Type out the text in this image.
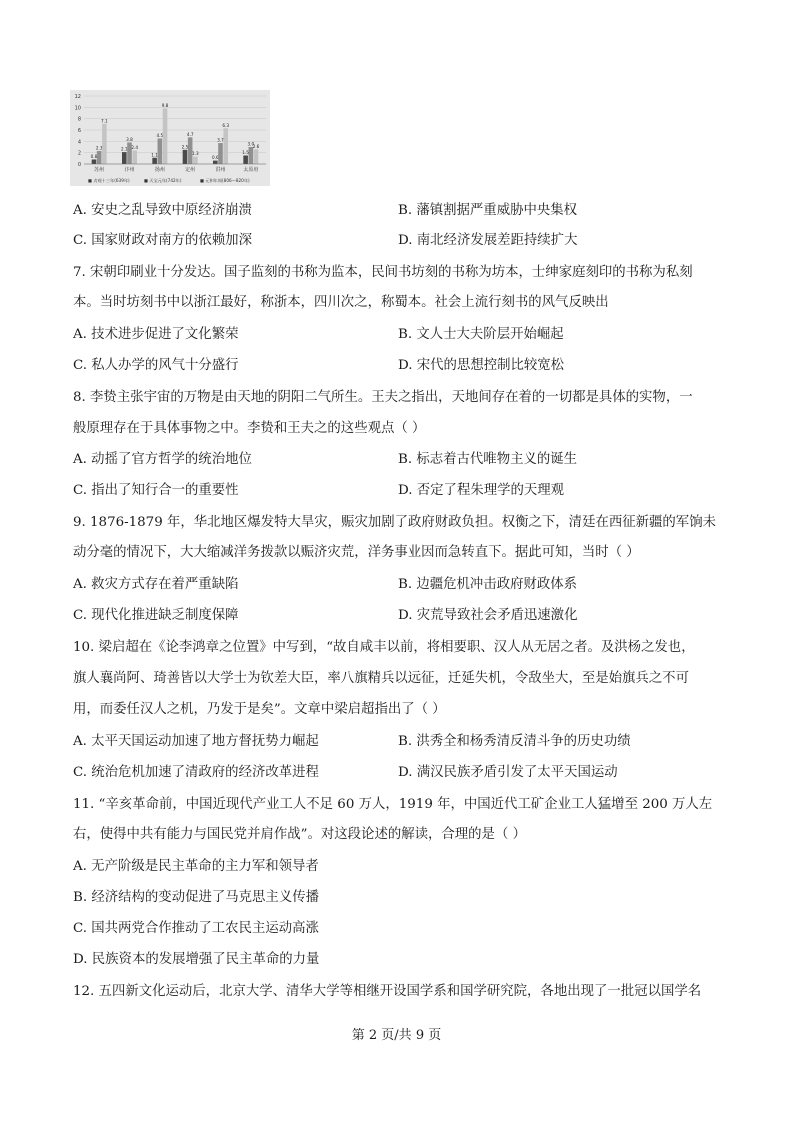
0
2
4
6
8
10
12
0.8
2.3
7.1
苏州
2.1
3.8
2.4
汴州
1.1
4.5
9.8
扬州
2.5
4.7
1.3
定州
0.6
3.7
6.3
洪州
1.5
3.0
2.6
太原府
■ 贞观十三年(639年)	■ 天宝元年(742年)	■ 元和年间(806—820年)
A. 安史之乱导致中原经济崩溃	B. 藩镇割据严重威胁中央集权
C. 国家财政对南方的依赖加深	D. 南北经济发展差距持续扩大
7. 宋朝印刷业十分发达。国子监刻的书称为监本，民间书坊刻的书称为坊本，士绅家庭刻印的书称为私刻
本。当时坊刻书中以浙江最好，称浙本，四川次之，称蜀本。社会上流行刻书的风气反映出
A. 技术进步促进了文化繁荣	B. 文人士大夫阶层开始崛起
C. 私人办学的风气十分盛行	D. 宋代的思想控制比较宽松
8. 李贽主张宇宙的万物是由天地的阴阳二气所生。王夫之指出，天地间存在着的一切都是具体的实物，一
般原理存在于具体事物之中。李贽和王夫之的这些观点（ ）
A. 动摇了官方哲学的统治地位	B. 标志着古代唯物主义的诞生
C. 指出了知行合一的重要性	D. 否定了程朱理学的天理观
9. 1876-1879 年，华北地区爆发特大旱灾，赈灾加剧了政府财政负担。权衡之下，清廷在西征新疆的军饷未
动分毫的情况下，大大缩减洋务拨款以赈济灾荒，洋务事业因而急转直下。据此可知，当时（ ）
A. 救灾方式存在着严重缺陷	B. 边疆危机冲击政府财政体系
C. 现代化推进缺乏制度保障	D. 灾荒导致社会矛盾迅速激化
10. 梁启超在《论李鸿章之位置》中写到，“故自咸丰以前，将相要职、汉人从无居之者。及洪杨之发也，
旗人襄尚阿、琦善皆以大学士为钦差大臣，率八旗精兵以远征，迁延失机，令敌坐大，至是始旗兵之不可
用，而委任汉人之机，乃发于是矣”。文章中梁启超指出了（ ）
A. 太平天国运动加速了地方督抚势力崛起	B. 洪秀全和杨秀清反清斗争的历史功绩
C. 统治危机加速了清政府的经济改革进程	D. 满汉民族矛盾引发了太平天国运动
11. “辛亥革命前，中国近现代产业工人不足 60 万人，1919 年，中国近代工矿企业工人猛增至 200 万人左
右，使得中共有能力与国民党并肩作战”。对这段论述的解读，合理的是（ ）
A. 无产阶级是民主革命的主力军和领导者
B. 经济结构的变动促进了马克思主义传播
C. 国共两党合作推动了工农民主运动高涨
D. 民族资本的发展增强了民主革命的力量
12. 五四新文化运动后，北京大学、清华大学等相继开设国学系和国学研究院，各地出现了一批冠以国学名
第 2 页/共 9 页
